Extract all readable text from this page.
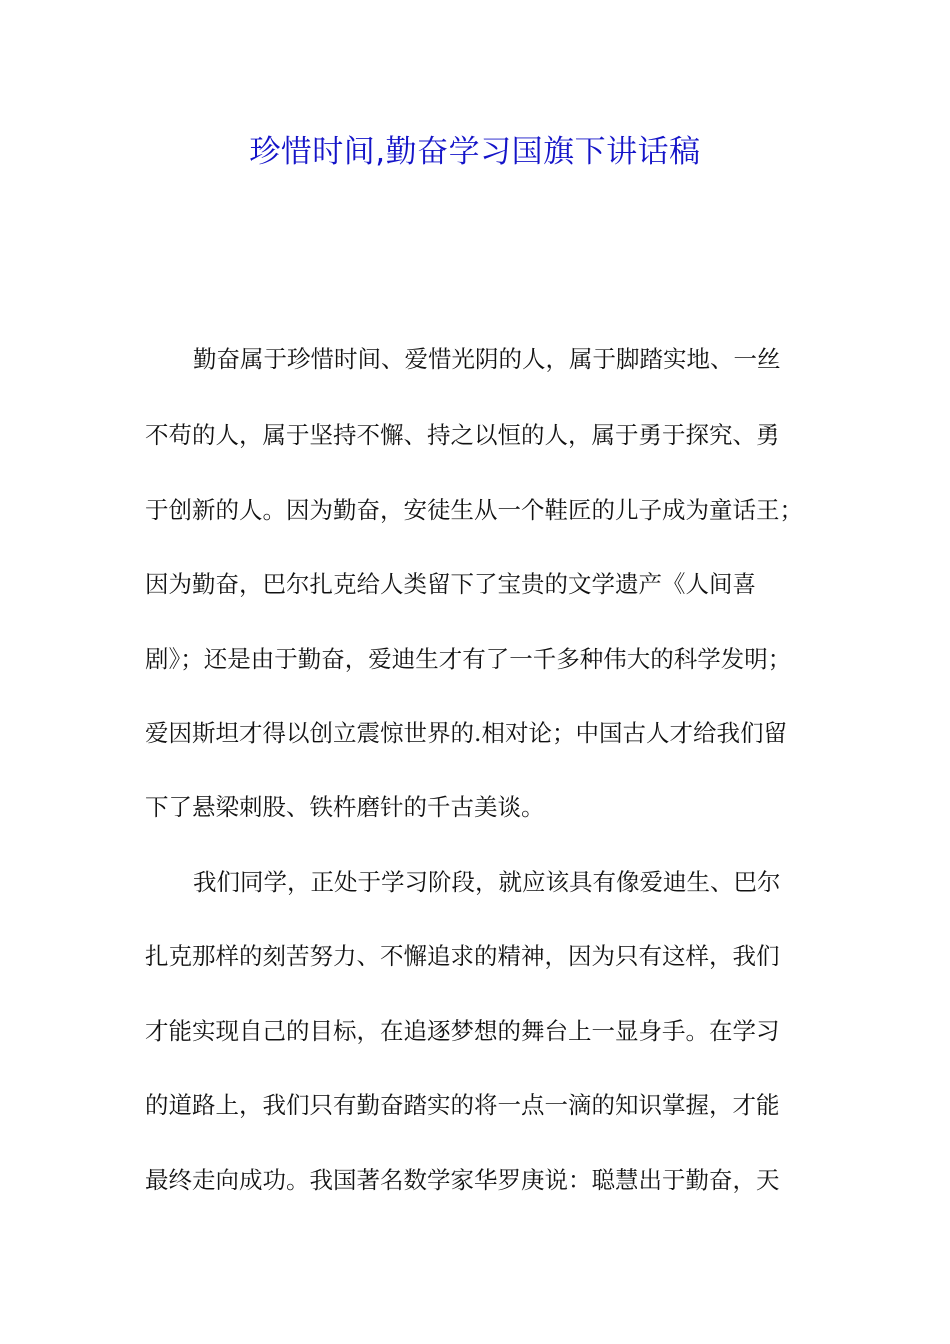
珍惜时间,勤奋学习国旗下讲话稿
勤奋属于珍惜时间、爱惜光阴的人，属于脚踏实地、一丝
不苟的人，属于坚持不懈、持之以恒的人，属于勇于探究、勇
于创新的人。因为勤奋，安徒生从一个鞋匠的儿子成为童话王；
因为勤奋，巴尔扎克给人类留下了宝贵的文学遗产《人间喜
剧》；还是由于勤奋，爱迪生才有了一千多种伟大的科学发明；
爱因斯坦才得以创立震惊世界的.相对论；中国古人才给我们留
下了悬梁刺股、铁杵磨针的千古美谈。
我们同学，正处于学习阶段，就应该具有像爱迪生、巴尔
扎克那样的刻苦努力、不懈追求的精神，因为只有这样，我们
才能实现自己的目标，在追逐梦想的舞台上一显身手。在学习
的道路上，我们只有勤奋踏实的将一点一滴的知识掌握，才能
最终走向成功。我国著名数学家华罗庚说：聪慧出于勤奋，天
